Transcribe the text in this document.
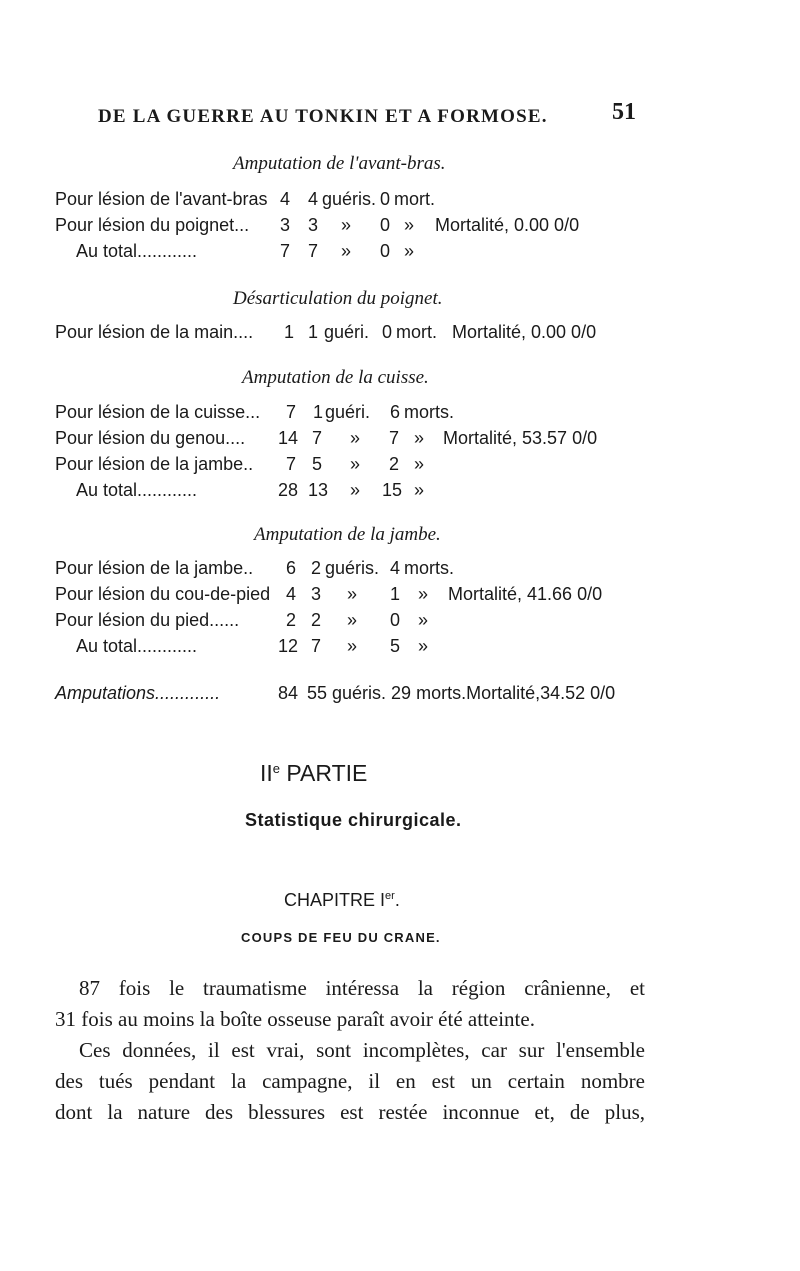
DE LA GUERRE AU TONKIN ET A FORMOSE.	51
Amputation de l'avant-bras.
Pour lésion de l'avant-bras 4 4 guéris. 0 mort.
Pour lésion du poignet... 3 3 » 0 » Mortalité, 0.00 0/0
Au total............	7 7 » 0 »
Désarticulation du poignet.
Pour lésion de la main.... 1 1 guéri. 0 mort. Mortalité, 0.00 0/0
Amputation de la cuisse.
Pour lésion de la cuisse... 7 1 guéri. 6 morts.
Pour lésion du genou.... 14 7 » 7 » Mortalité, 53.57 0/0
Pour lésion de la jambe.. 7 5 » 2 »
Au total............	28 13 » 15 »
Amputation de la jambe.
Pour lésion de la jambe.. 6 2 guéris. 4 morts.
Pour lésion du cou-de-pied 4 3 » 1 » Mortalité, 41.66 0/0
Pour lésion du pied......	2 2 » 0 »
Au total............	12 7 » 5 »
Amputations.............	84 55 guéris. 29 morts.Mortalité,34.52 0/0
IIe PARTIE
Statistique chirurgicale.
CHAPITRE Ier.
COUPS DE FEU DU CRANE.

87 fois le traumatisme intéressa la région crânienne, et

31 fois au moins la boîte osseuse paraît avoir été atteinte.

Ces données, il est vrai, sont incomplètes, car sur l'ensemble

des tués pendant la campagne, il en est un certain nombre

dont la nature des blessures est restée inconnue et, de plus,
